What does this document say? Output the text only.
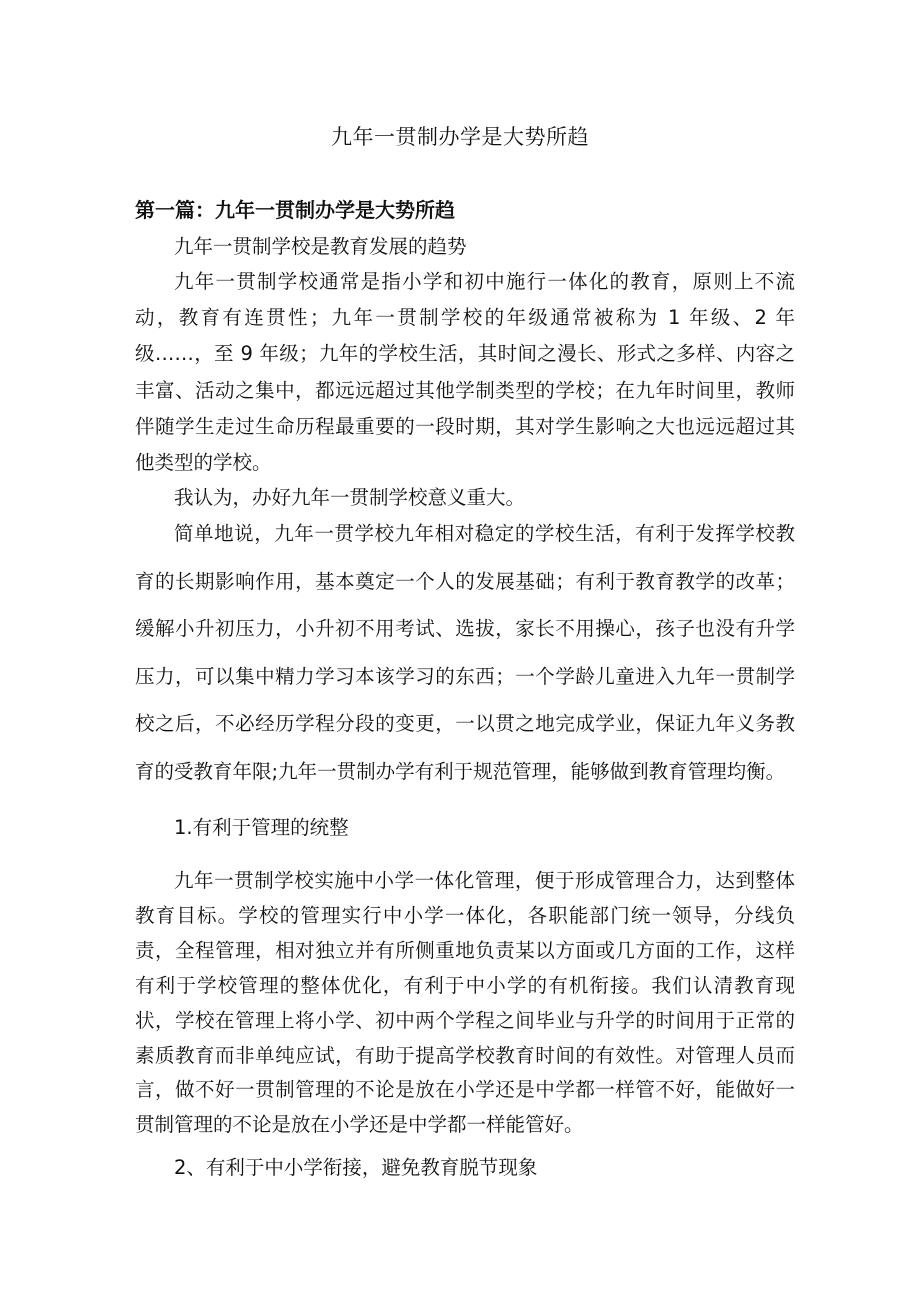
九年一贯制办学是大势所趋
第一篇：九年一贯制办学是大势所趋

九年一贯制学校是教育发展的趋势

九年一贯制学校通常是指小学和初中施行一体化的教育，原则上不流动，教育有连贯性；九年一贯制学校的年级通常被称为 1 年级、2 年级……，至 9 年级；九年的学校生活，其时间之漫长、形式之多样、内容之丰富、活动之集中，都远远超过其他学制类型的学校；在九年时间里，教师伴随学生走过生命历程最重要的一段时期，其对学生影响之大也远远超过其他类型的学校。

我认为，办好九年一贯制学校意义重大。

简单地说，九年一贯学校九年相对稳定的学校生活，有利于发挥学校教育的长期影响作用，基本奠定一个人的发展基础；有利于教育教学的改革；缓解小升初压力，小升初不用考试、选拔，家长不用操心，孩子也没有升学压力，可以集中精力学习本该学习的东西；一个学龄儿童进入九年一贯制学校之后，不必经历学程分段的变更，一以贯之地完成学业，保证九年义务教育的受教育年限;九年一贯制办学有利于规范管理，能够做到教育管理均衡。

1.有利于管理的统整

九年一贯制学校实施中小学一体化管理，便于形成管理合力，达到整体教育目标。学校的管理实行中小学一体化，各职能部门统一领导，分线负责，全程管理，相对独立并有所侧重地负责某以方面或几方面的工作，这样有利于学校管理的整体优化，有利于中小学的有机衔接。我们认清教育现状，学校在管理上将小学、初中两个学程之间毕业与升学的时间用于正常的素质教育而非单纯应试，有助于提高学校教育时间的有效性。对管理人员而言，做不好一贯制管理的不论是放在小学还是中学都一样管不好，能做好一贯制管理的不论是放在小学还是中学都一样能管好。

2、有利于中小学衔接，避免教育脱节现象
